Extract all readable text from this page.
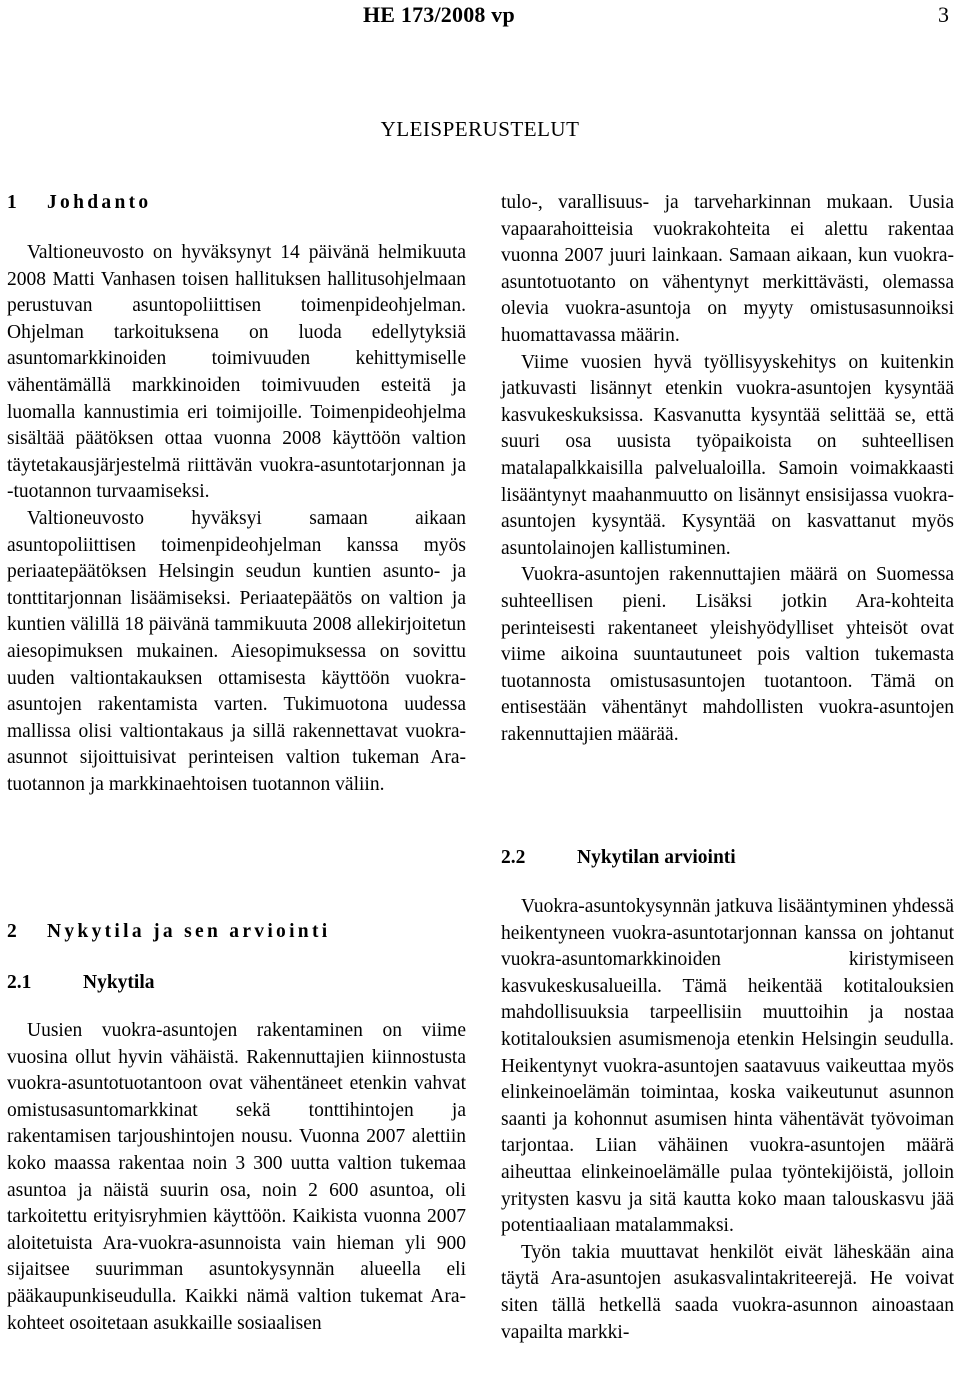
HE 173/2008 vp	3
YLEISPERUSTELUT
1 Johdanto

Valtioneuvosto on hyväksynyt 14 päivänä helmikuuta 2008 Matti Vanhasen toisen hallituksen hallitusohjelmaan perustuvan asuntopoliittisen toimenpideohjelman. Ohjelman tarkoituksena on luoda edellytyksiä asuntomarkkinoiden toimivuuden kehittymiselle vähentämällä markkinoiden toimivuuden esteitä ja luomalla kannustimia eri toimijoille. Toimenpideohjelma sisältää päätöksen ottaa vuonna 2008 käyttöön valtion täytetakausjärjestelmä riittävän vuokra-asuntotarjonnan ja -tuotannon turvaamiseksi.

Valtioneuvosto hyväksyi samaan aikaan asuntopoliittisen toimenpideohjelman kanssa myös periaatepäätöksen Helsingin seudun kuntien asunto- ja tonttitarjonnan lisäämiseksi. Periaatepäätös on valtion ja kuntien välillä 18 päivänä tammikuuta 2008 allekirjoitetun aiesopimuksen mukainen. Aiesopimuksessa on sovittu uuden valtiontakauksen ottamisesta käyttöön vuokra-asuntojen rakentamista varten. Tukimuotona uudessa mallissa olisi valtiontakaus ja sillä rakennettavat vuokra-asunnot sijoittuisivat perinteisen valtion tukeman Ara-tuotannon ja markkinaehtoisen tuotannon väliin.

2 Nykytila ja sen arviointi
2.1	Nykytila

Uusien vuokra-asuntojen rakentaminen on viime vuosina ollut hyvin vähäistä. Rakennuttajien kiinnostusta vuokra-asuntotuotantoon ovat vähentäneet etenkin vahvat omistusasuntomarkkinat sekä tonttihintojen ja rakentamisen tarjoushintojen nousu. Vuonna 2007 alettiin koko maassa rakentaa noin 3 300 uutta valtion tukemaa asuntoa ja näistä suurin osa, noin 2 600 asuntoa, oli tarkoitettu erityisryhmien käyttöön. Kaikista vuonna 2007 aloitetuista Ara-vuokra-asunnoista vain hieman yli 900 sijaitsee suurimman asuntokysynnän alueella eli pääkaupunkiseudulla. Kaikki nämä valtion tukemat Ara-kohteet osoitetaan asukkaille sosiaalisen

tulo-, varallisuus- ja tarveharkinnan mukaan. Uusia vapaarahoitteisia vuokrakohteita ei alettu rakentaa vuonna 2007 juuri lainkaan. Samaan aikaan, kun vuokra-asuntotuotanto on vähentynyt merkittävästi, olemassa olevia vuokra-asuntoja on myyty omistusasunnoiksi huomattavassa määrin.

Viime vuosien hyvä työllisyyskehitys on kuitenkin jatkuvasti lisännyt etenkin vuokra-asuntojen kysyntää kasvukeskuksissa. Kasvanutta kysyntää selittää se, että suuri osa uusista työpaikoista on suhteellisen matalapalkkaisilla palvelualoilla. Samoin voimakkaasti lisääntynyt maahanmuutto on lisännyt ensisijassa vuokra-asuntojen kysyntää. Kysyntää on kasvattanut myös asuntolainojen kallistuminen.

Vuokra-asuntojen rakennuttajien määrä on Suomessa suhteellisen pieni. Lisäksi jotkin Ara-kohteita perinteisesti rakentaneet yleishyödylliset yhteisöt ovat viime aikoina suuntautuneet pois valtion tukemasta tuotannosta omistusasuntojen tuotantoon. Tämä on entisestään vähentänyt mahdollisten vuokra-asuntojen rakennuttajien määrää.

2.2	Nykytilan arviointi

Vuokra-asuntokysynnän jatkuva lisääntyminen yhdessä heikentyneen vuokra-asuntotarjonnan kanssa on johtanut vuokra-asuntomarkkinoiden kiristymiseen kasvukeskusalueilla. Tämä heikentää kotitalouksien mahdollisuuksia tarpeellisiin muuttoihin ja nostaa kotitalouksien asumismenoja etenkin Helsingin seudulla. Heikentynyt vuokra-asuntojen saatavuus vaikeuttaa myös elinkeinoelämän toimintaa, koska vaikeutunut asunnon saanti ja kohonnut asumisen hinta vähentävät työvoiman tarjontaa. Liian vähäinen vuokra-asuntojen määrä aiheuttaa elinkeinoelämälle pulaa työntekijöistä, jolloin yritysten kasvu ja sitä kautta koko maan talouskasvu jää potentiaaliaan matalammaksi.

Työn takia muuttavat henkilöt eivät läheskään aina täytä Ara-asuntojen asukasvalintakriteerejä. He voivat siten tällä hetkellä saada vuokra-asunnon ainoastaan vapailta markki-
